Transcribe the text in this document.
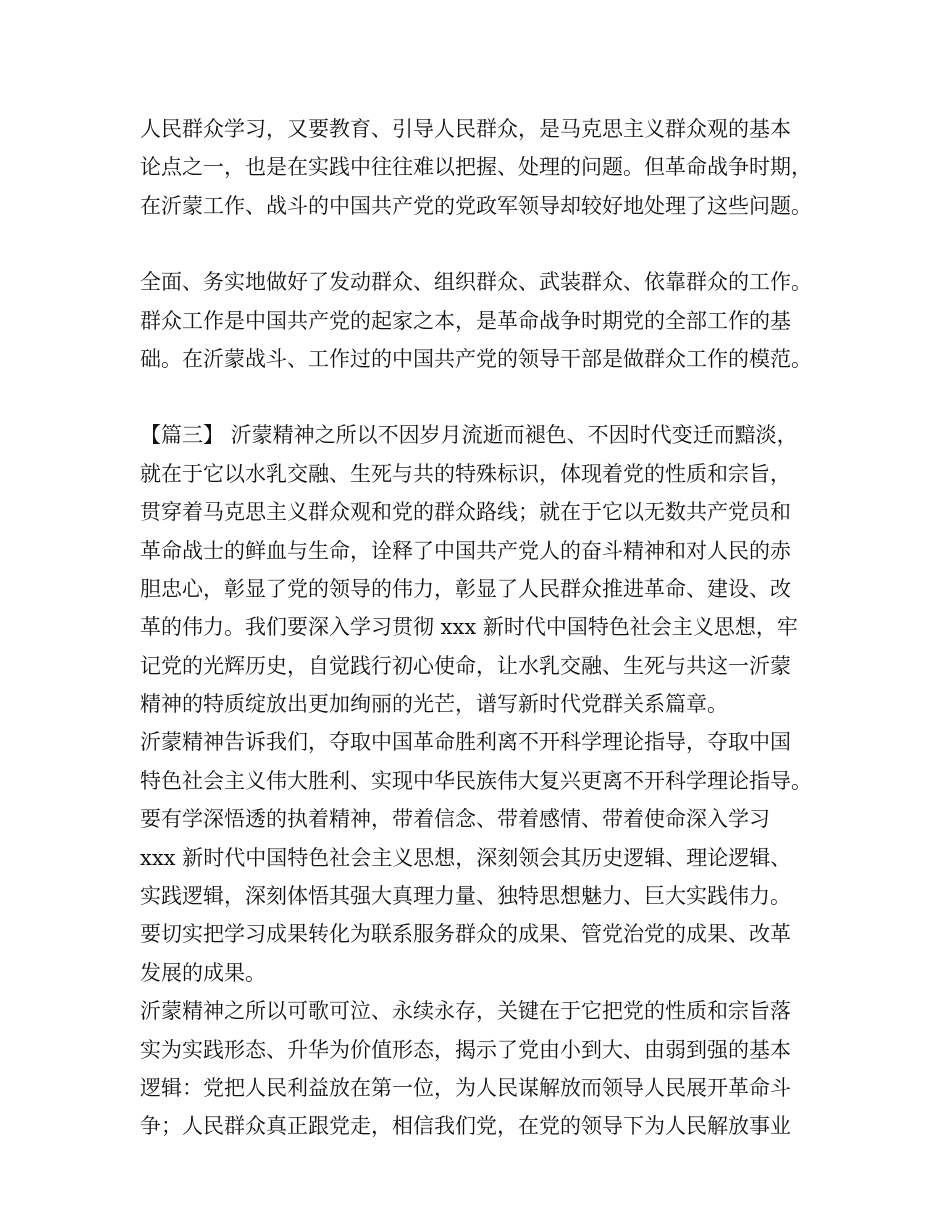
人民群众学习，又要教育、引导人民群众，是马克思主义群众观的基本
论点之一，也是在实践中往往难以把握、处理的问题。但革命战争时期，
在沂蒙工作、战斗的中国共产党的党政军领导却较好地处理了这些问题。
全面、务实地做好了发动群众、组织群众、武装群众、依靠群众的工作。
群众工作是中国共产党的起家之本，是革命战争时期党的全部工作的基
础。在沂蒙战斗、工作过的中国共产党的领导干部是做群众工作的模范。
【篇三】 沂蒙精神之所以不因岁月流逝而褪色、不因时代变迁而黯淡，
就在于它以水乳交融、生死与共的特殊标识，体现着党的性质和宗旨，
贯穿着马克思主义群众观和党的群众路线；就在于它以无数共产党员和
革命战士的鲜血与生命，诠释了中国共产党人的奋斗精神和对人民的赤
胆忠心，彰显了党的领导的伟力，彰显了人民群众推进革命、建设、改
革的伟力。我们要深入学习贯彻 xxx 新时代中国特色社会主义思想，牢
记党的光辉历史，自觉践行初心使命，让水乳交融、生死与共这一沂蒙
精神的特质绽放出更加绚丽的光芒，谱写新时代党群关系篇章。
沂蒙精神告诉我们，夺取中国革命胜利离不开科学理论指导，夺取中国
特色社会主义伟大胜利、实现中华民族伟大复兴更离不开科学理论指导。
要有学深悟透的执着精神，带着信念、带着感情、带着使命深入学习
xxx 新时代中国特色社会主义思想，深刻领会其历史逻辑、理论逻辑、
实践逻辑，深刻体悟其强大真理力量、独特思想魅力、巨大实践伟力。
要切实把学习成果转化为联系服务群众的成果、管党治党的成果、改革
发展的成果。
沂蒙精神之所以可歌可泣、永续永存，关键在于它把党的性质和宗旨落
实为实践形态、升华为价值形态，揭示了党由小到大、由弱到强的基本
逻辑：党把人民利益放在第一位，为人民谋解放而领导人民展开革命斗
争；人民群众真正跟党走，相信我们党，在党的领导下为人民解放事业
